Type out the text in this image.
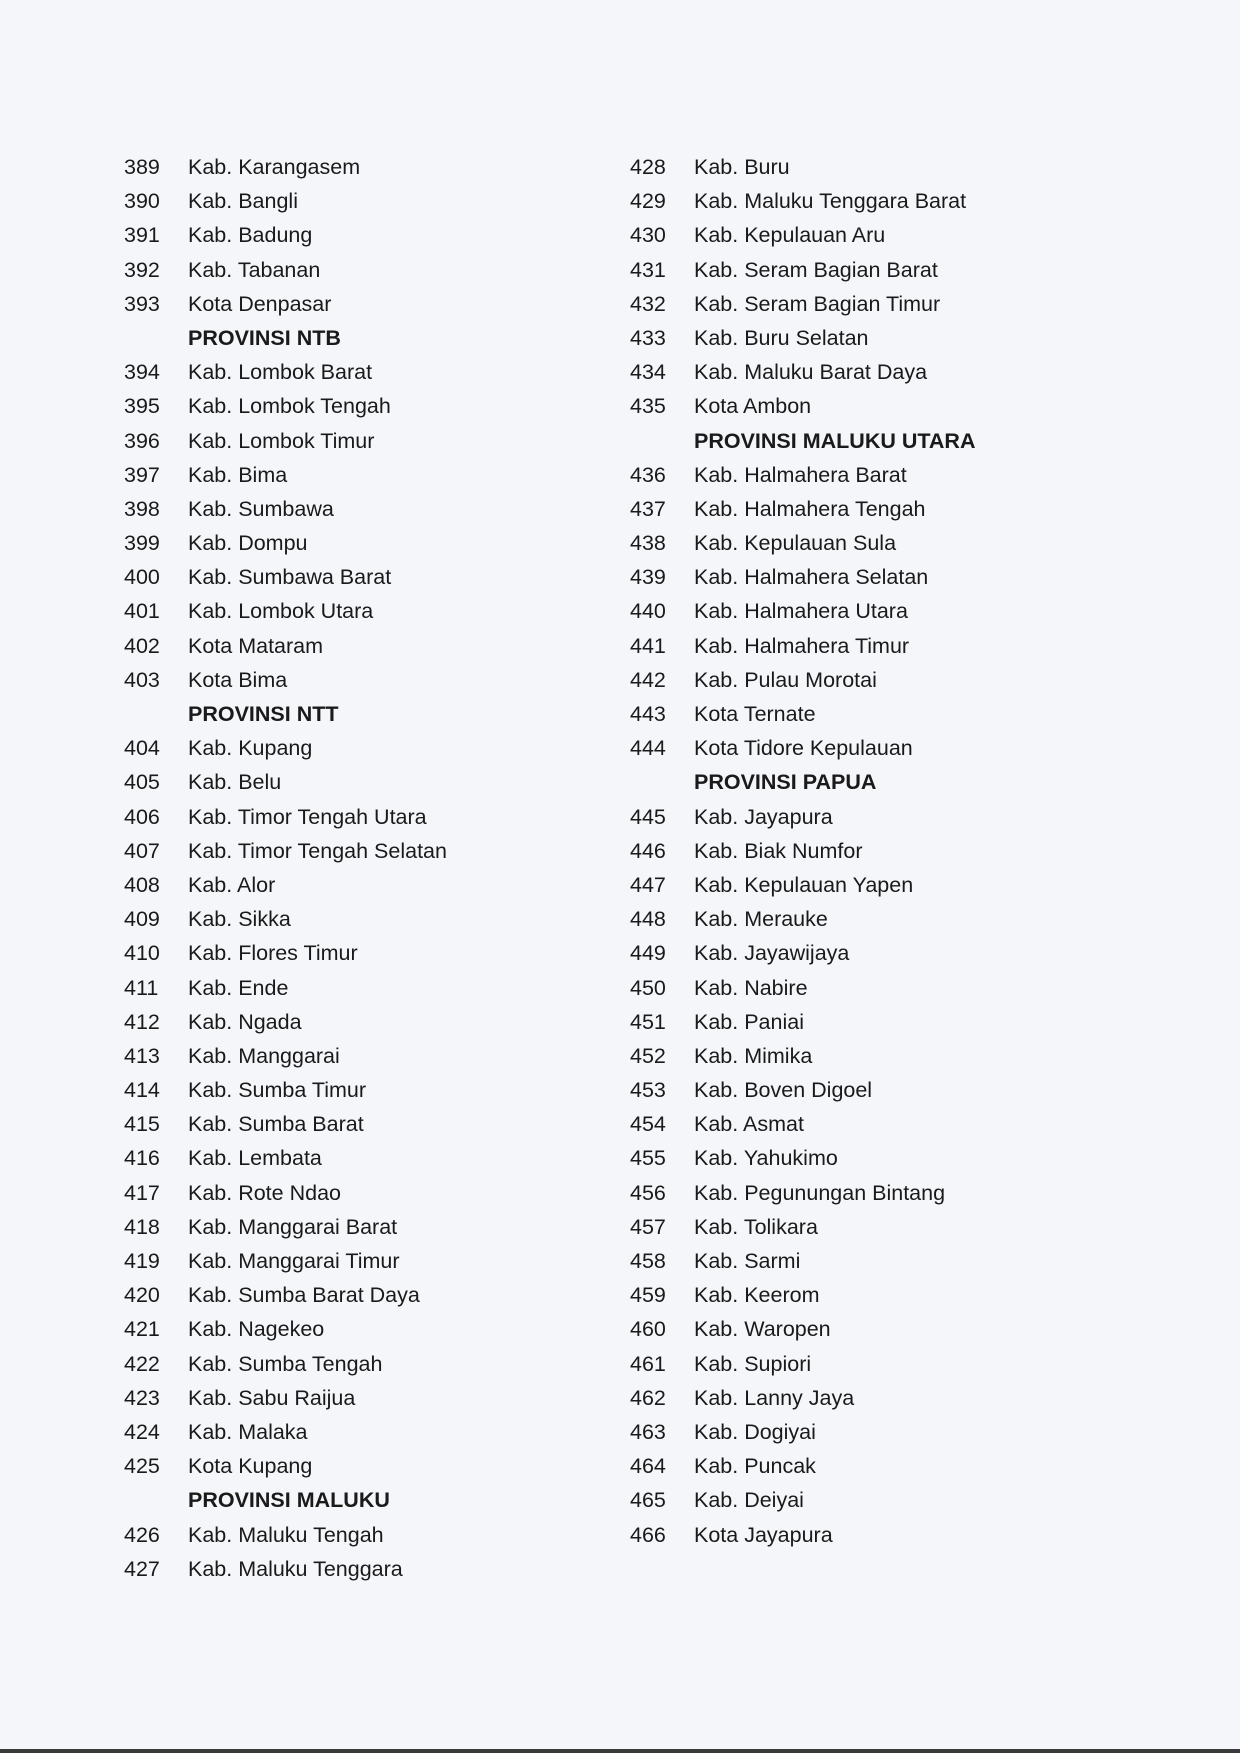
389	Kab. Karangasem
390	Kab. Bangli
391	Kab. Badung
392	Kab. Tabanan
393	Kota Denpasar
PROVINSI NTB
394	Kab. Lombok Barat
395	Kab. Lombok Tengah
396	Kab. Lombok Timur
397	Kab. Bima
398	Kab. Sumbawa
399	Kab. Dompu
400	Kab. Sumbawa Barat
401	Kab. Lombok Utara
402	Kota Mataram
403	Kota Bima
PROVINSI NTT
404	Kab. Kupang
405	Kab. Belu
406	Kab. Timor Tengah Utara
407	Kab. Timor Tengah Selatan
408	Kab. Alor
409	Kab. Sikka
410	Kab. Flores Timur
411	Kab. Ende
412	Kab. Ngada
413	Kab. Manggarai
414	Kab. Sumba Timur
415	Kab. Sumba Barat
416	Kab. Lembata
417	Kab. Rote Ndao
418	Kab. Manggarai Barat
419	Kab. Manggarai Timur
420	Kab. Sumba Barat Daya
421	Kab. Nagekeo
422	Kab. Sumba Tengah
423	Kab. Sabu Raijua
424	Kab. Malaka
425	Kota Kupang
PROVINSI MALUKU
426	Kab. Maluku Tengah
427	Kab. Maluku Tenggara
428	Kab. Buru
429	Kab. Maluku Tenggara Barat
430	Kab. Kepulauan Aru
431	Kab. Seram Bagian Barat
432	Kab. Seram Bagian Timur
433	Kab. Buru Selatan
434	Kab. Maluku Barat Daya
435	Kota Ambon
PROVINSI MALUKU UTARA
436	Kab. Halmahera Barat
437	Kab. Halmahera Tengah
438	Kab. Kepulauan Sula
439	Kab. Halmahera Selatan
440	Kab. Halmahera Utara
441	Kab. Halmahera Timur
442	Kab. Pulau Morotai
443	Kota Ternate
444	Kota Tidore Kepulauan
PROVINSI PAPUA
445	Kab. Jayapura
446	Kab. Biak Numfor
447	Kab. Kepulauan Yapen
448	Kab. Merauke
449	Kab. Jayawijaya
450	Kab. Nabire
451	Kab. Paniai
452	Kab. Mimika
453	Kab. Boven Digoel
454	Kab. Asmat
455	Kab. Yahukimo
456	Kab. Pegunungan Bintang
457	Kab. Tolikara
458	Kab. Sarmi
459	Kab. Keerom
460	Kab. Waropen
461	Kab. Supiori
462	Kab. Lanny Jaya
463	Kab. Dogiyai
464	Kab. Puncak
465	Kab. Deiyai
466	Kota Jayapura
